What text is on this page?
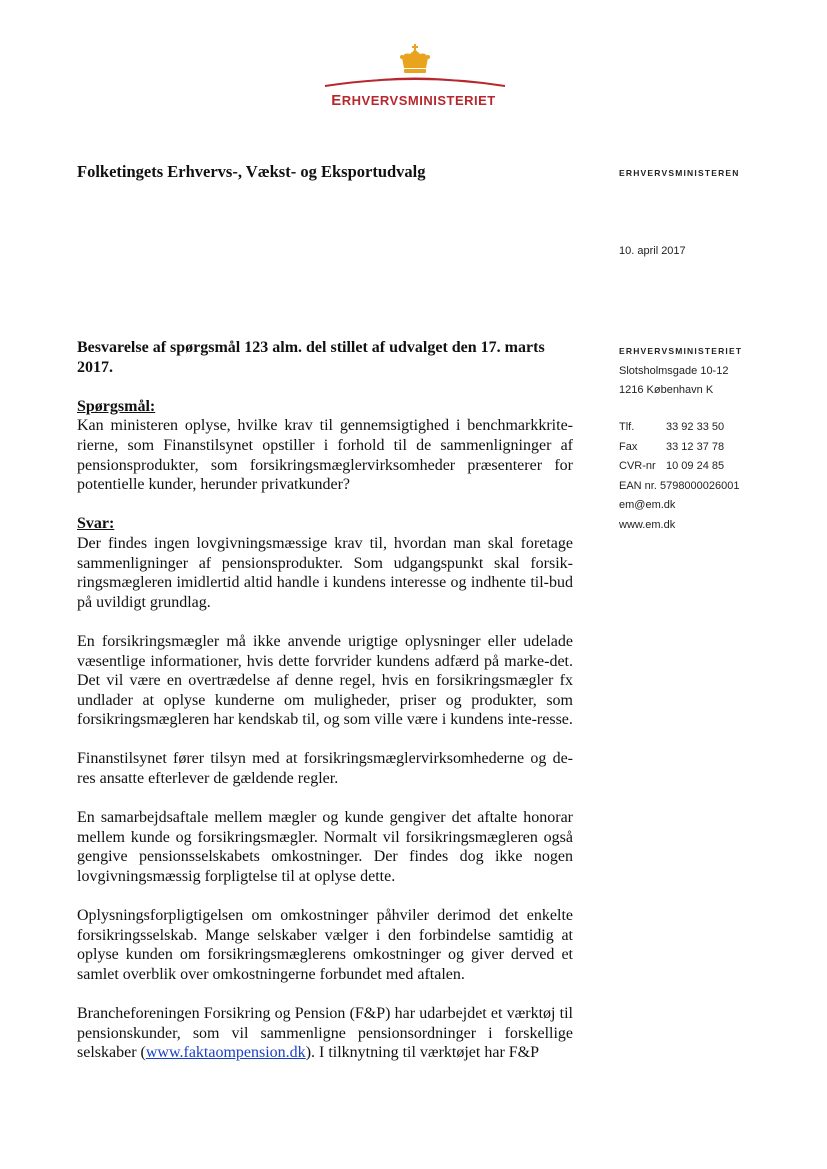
ERHVERVSMINISTERIET
Folketingets Erhvervs-, Vækst- og Eksportudvalg	ERHVERVSMINISTEREN
10. april 2017
ERHVERVSMINISTERIET
Slotsholmsgade 10-12
1216 København K
Tlf.	33 92 33 50
Fax	33 12 37 78
CVR-nr 10 09 24 85
EAN nr. 5798000026001
em@em.dk
www.em.dk
Besvarelse af spørgsmål 123 alm. del stillet af udvalget den 17. marts
2017.
Spørgsmål:

Kan ministeren oplyse, hvilke krav til gennemsigtighed i benchmarkkrite-rierne, som Finanstilsynet opstiller i forhold til de sammenligninger af pensionsprodukter, som forsikringsmæglervirksomheder præsenterer for potentielle kunder, herunder privatkunder?

Svar:

Der findes ingen lovgivningsmæssige krav til, hvordan man skal foretage sammenligninger af pensionsprodukter. Som udgangspunkt skal forsik-ringsmægleren imidlertid altid handle i kundens interesse og indhente til-bud på uvildigt grundlag.

En forsikringsmægler må ikke anvende urigtige oplysninger eller udelade væsentlige informationer, hvis dette forvrider kundens adfærd på marke-det. Det vil være en overtrædelse af denne regel, hvis en forsikringsmægler fx undlader at oplyse kunderne om muligheder, priser og produkter, som forsikringsmægleren har kendskab til, og som ville være i kundens inte-resse.

Finanstilsynet fører tilsyn med at forsikringsmæglervirksomhederne og de-res ansatte efterlever de gældende regler.

En samarbejdsaftale mellem mægler og kunde gengiver det aftalte honorar mellem kunde og forsikringsmægler. Normalt vil forsikringsmægleren også gengive pensionsselskabets omkostninger. Der findes dog ikke nogen lovgivningsmæssig forpligtelse til at oplyse dette.

Oplysningsforpligtigelsen om omkostninger påhviler derimod det enkelte forsikringsselskab. Mange selskaber vælger i den forbindelse samtidig at oplyse kunden om forsikringsmæglerens omkostninger og giver derved et samlet overblik over omkostningerne forbundet med aftalen.

Brancheforeningen Forsikring og Pension (F&P) har udarbejdet et værktøj til pensionskunder, som vil sammenligne pensionsordninger i forskellige selskaber (www.faktaompension.dk). I tilknytning til værktøjet har F&P
